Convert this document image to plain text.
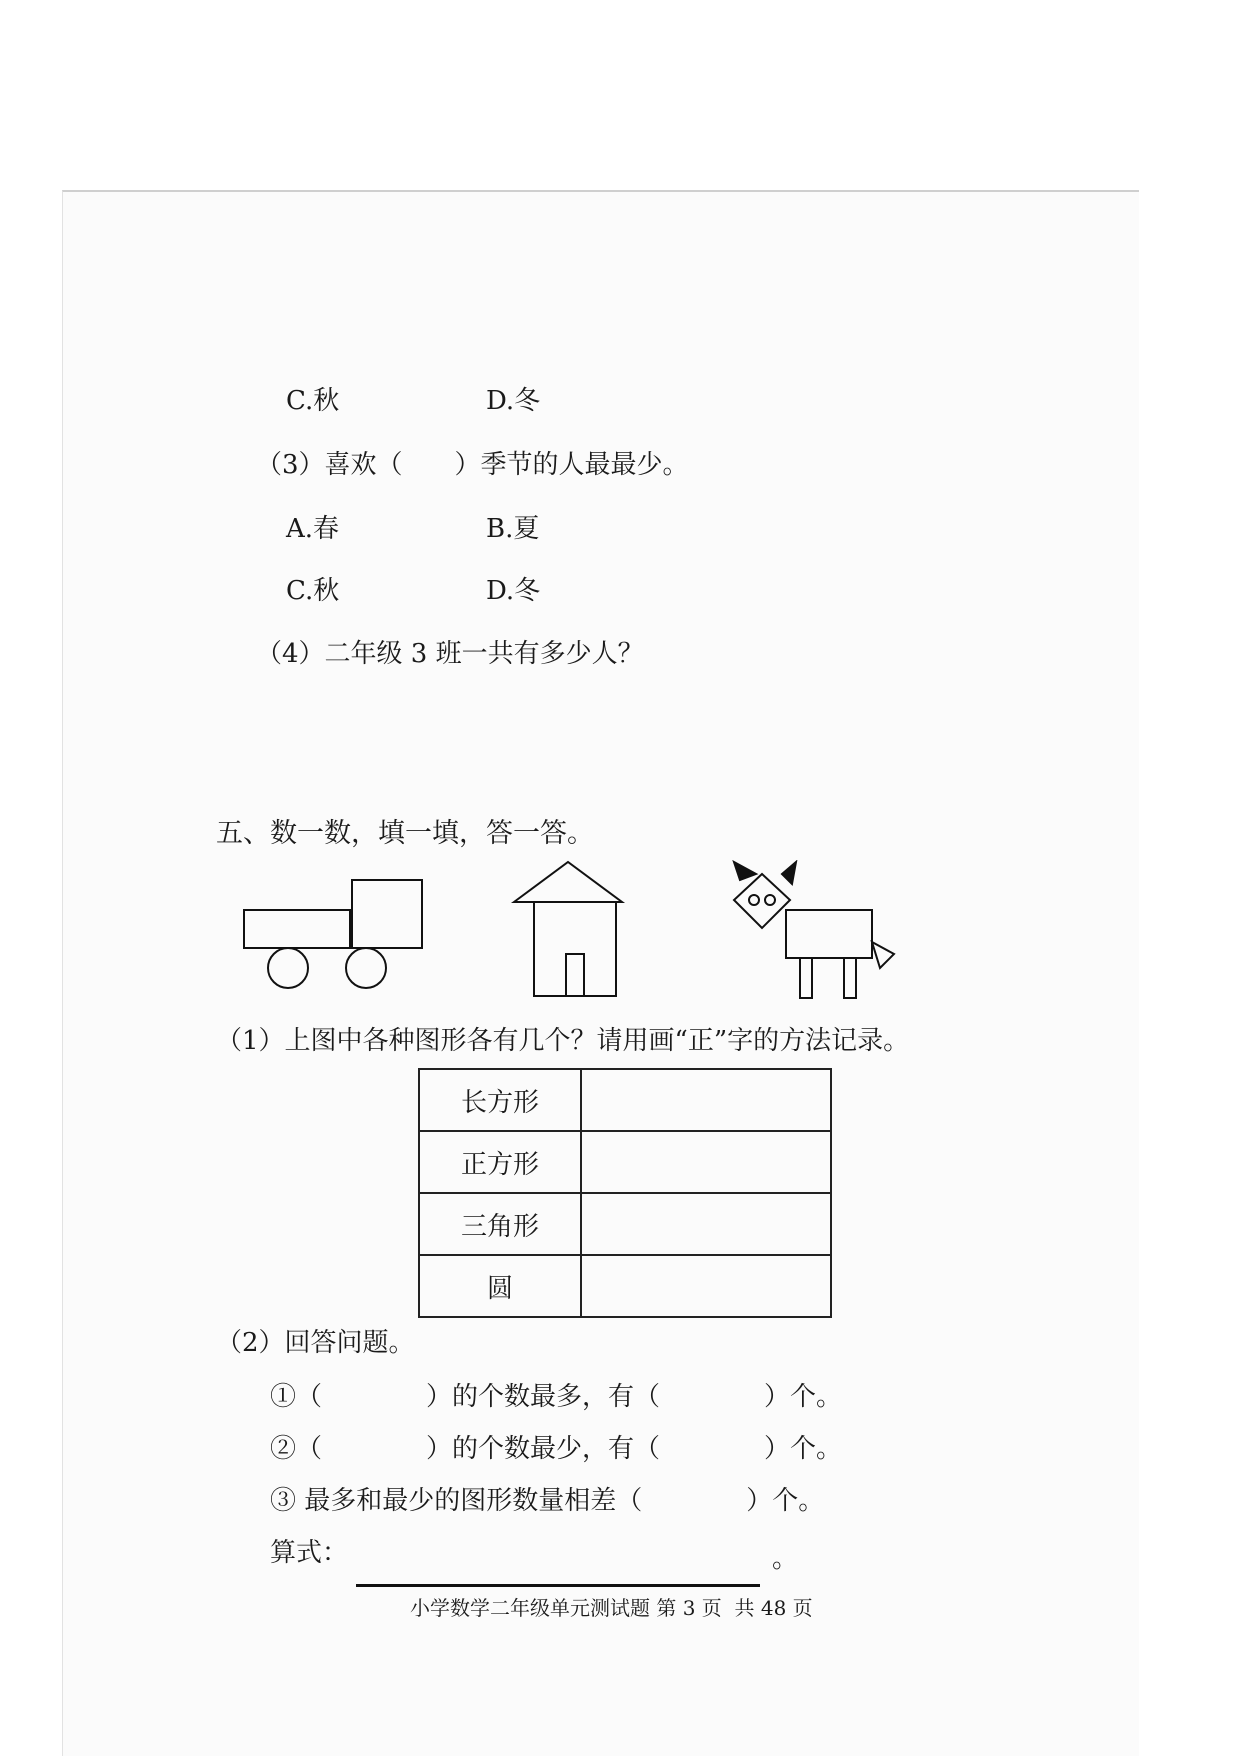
C.秋	D.冬
（3）喜欢（　　）季节的人最最少。
A.春	B.夏
C.秋	D.冬
（4）二年级 3 班一共有多少人？
五、数一数，填一填，答一答。
（1）上图中各种图形各有几个？请用画“正”字的方法记录。
长方形	
正方形	
三角形	
圆	
（2）回答问题。
①（　　　　）的个数最多，有（　　　　）个。
②（　　　　）的个数最少，有（　　　　）个。
③ 最多和最少的图形数量相差（　　　　）个。
算式：	。
小学数学二年级单元测试题 第 3 页  共 48 页
